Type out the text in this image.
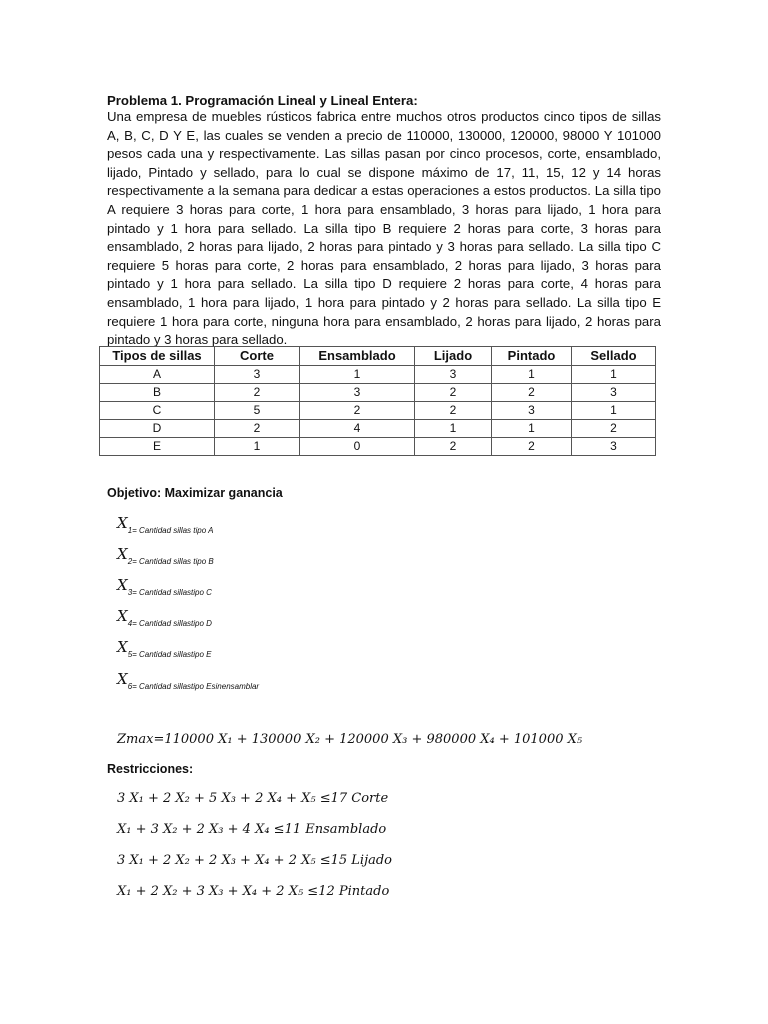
Problema 1. Programación Lineal y Lineal Entera:

Una empresa de muebles rústicos fabrica entre muchos otros productos cinco tipos de sillas A, B, C, D Y E, las cuales se venden a precio de 110000, 130000, 120000, 98000 Y 101000 pesos cada una y respectivamente. Las sillas pasan por cinco procesos, corte, ensamblado, lijado, Pintado y sellado, para lo cual se dispone máximo de 17, 11, 15, 12 y 14 horas respectivamente a la semana para dedicar a estas operaciones a estos productos. La silla tipo A requiere 3 horas para corte, 1 hora para ensamblado, 3 horas para lijado, 1 hora para pintado y 1 hora para sellado. La silla tipo B requiere 2 horas para corte, 3 horas para ensamblado, 2 horas para lijado, 2 horas para pintado y 3 horas para sellado. La silla tipo C requiere 5 horas para corte, 2 horas para ensamblado, 2 horas para lijado, 3 horas para pintado y 1 hora para sellado. La silla tipo D requiere 2 horas para corte, 4 horas para ensamblado, 1 hora para lijado, 1 hora para pintado y 2 horas para sellado. La silla tipo E requiere 1 hora para corte, ninguna hora para ensamblado, 2 horas para lijado, 2 horas para pintado y 3 horas para sellado.

Tipos de sillas	Corte	Ensamblado	Lijado	Pintado	Sellado
A	3	1	3	1	1
B	2	3	2	2	3
C	5	2	2	3	1
D	2	4	1	1	2
E	1	0	2	2	3

Objetivo: Maximizar ganancia

$X_{1= Cantidad sillas tipo A}$
$X_{2= Cantidad sillas tipo B}$
$X_{3= Cantidad sillastipo C}$
$X_{4= Cantidad sillastipo D}$
$X_{5= Cantidad sillastipo E}$
$X_{6= Cantidad sillastipo Esinensamblar}$
Zmax=110000 X₁ + 130000 X₂ + 120000 X₃ + 980000 X₄ + 101000 X₅

Restricciones:

3 X₁ + 2 X₂ + 5 X₃ + 2 X₄ + X₅ ≤17 Corte
X₁ + 3 X₂ + 2 X₃ + 4 X₄ ≤11 Ensamblado
3 X₁ + 2 X₂ + 2 X₃ + X₄ + 2 X₅ ≤15 Lijado
X₁ + 2 X₂ + 3 X₃ + X₄ + 2 X₅ ≤12 Pintado
